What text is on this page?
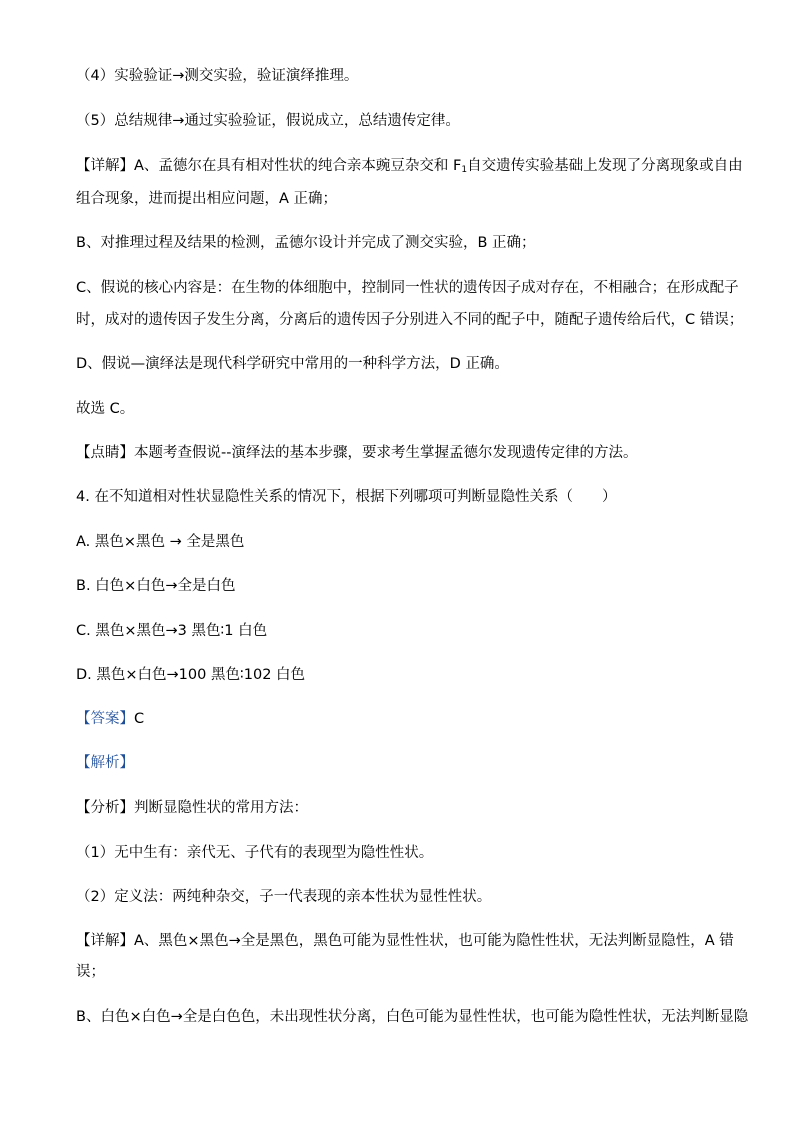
（4）实验验证→测交实验，验证演绎推理。
（5）总结规律→通过实验验证，假说成立，总结遗传定律。
【详解】A、孟德尔在具有相对性状的纯合亲本豌豆杂交和 $F_1$自交遗传实验基础上发现了分离现象或自由
组合现象，进而提出相应问题，A 正确；
B、对推理过程及结果的检测，孟德尔设计并完成了测交实验，B 正确；
C、假说的核心内容是：在生物的体细胞中，控制同一性状的遗传因子成对存在，不相融合；在形成配子
时，成对的遗传因子发生分离，分离后的遗传因子分别进入不同的配子中，随配子遗传给后代，C 错误；
D、假说—演绎法是现代科学研究中常用的一种科学方法，D 正确。
故选 C。
【点睛】本题考查假说--演绎法的基本步骤，要求考生掌握孟德尔发现遗传定律的方法。
4. 在不知道相对性状显隐性关系的情况下，根据下列哪项可判断显隐性关系（　　）
A. 黑色×黑色 → 全是黑色
B. 白色×白色→全是白色
C. 黑色×黑色→3 黑色∶1 白色
D. 黑色×白色→100 黑色∶102 白色
【答案】C
【解析】
【分析】判断显隐性状的常用方法：
（1）无中生有：亲代无、子代有的表现型为隐性性状。
（2）定义法：两纯种杂交，子一代表现的亲本性状为显性性状。
【详解】A、黑色×黑色→全是黑色，黑色可能为显性性状，也可能为隐性性状，无法判断显隐性，A 错
误；
B、白色×白色→全是白色色，未出现性状分离，白色可能为显性性状，也可能为隐性性状，无法判断显隐
